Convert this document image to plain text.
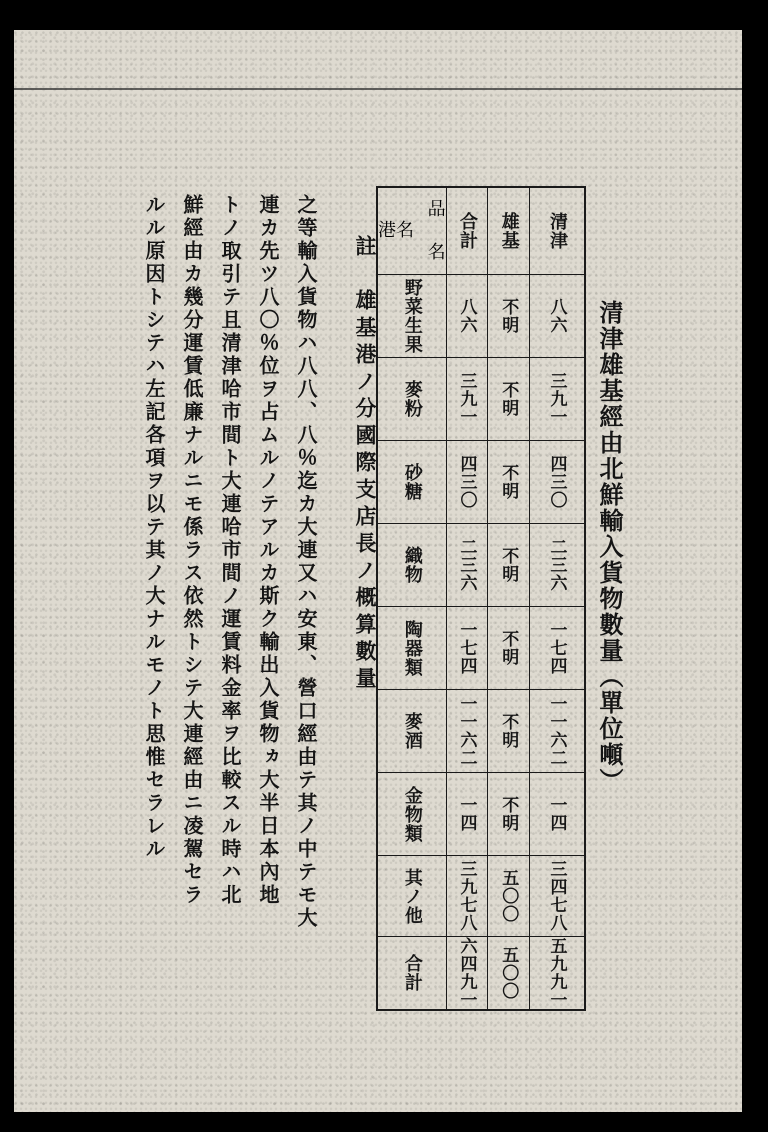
清津雄基經由北鮮輸入貨物數量（單位噸）
品
港名
名	合計	雄基	清津

野菜生果	八六	不明	八六

麥粉	三九一	不明	三九一

砂糖	四三〇	不明	四三〇

織物	二三六	不明	二三六

陶器類	一七四	不明	一七四

麥酒	一一六二	不明	一一六二

金物類	一四	不明	一四

其ノ他	三九七八	五〇〇	三四七八

合計	六四九一	五〇〇	五九九一
註　雄基港ノ分國際支店長ノ概算數量
之等輸入貨物ハ八八、八％迄カ大連又ハ安東、營口經由テ其ノ中テモ大
連カ先ツ八〇％位ヲ占ムルノテアルカ斯ク輸出入貨物ヵ大半日本內地
トノ取引テ且清津哈市間ト大連哈市間ノ運賃料金率ヲ比較スル時ハ北
鮮經由カ幾分運賃低廉ナルニモ係ラス依然トシテ大連經由ニ凌駕セラ
ルル原因トシテハ左記各項ヲ以テ其ノ大ナルモノト思惟セラレル
